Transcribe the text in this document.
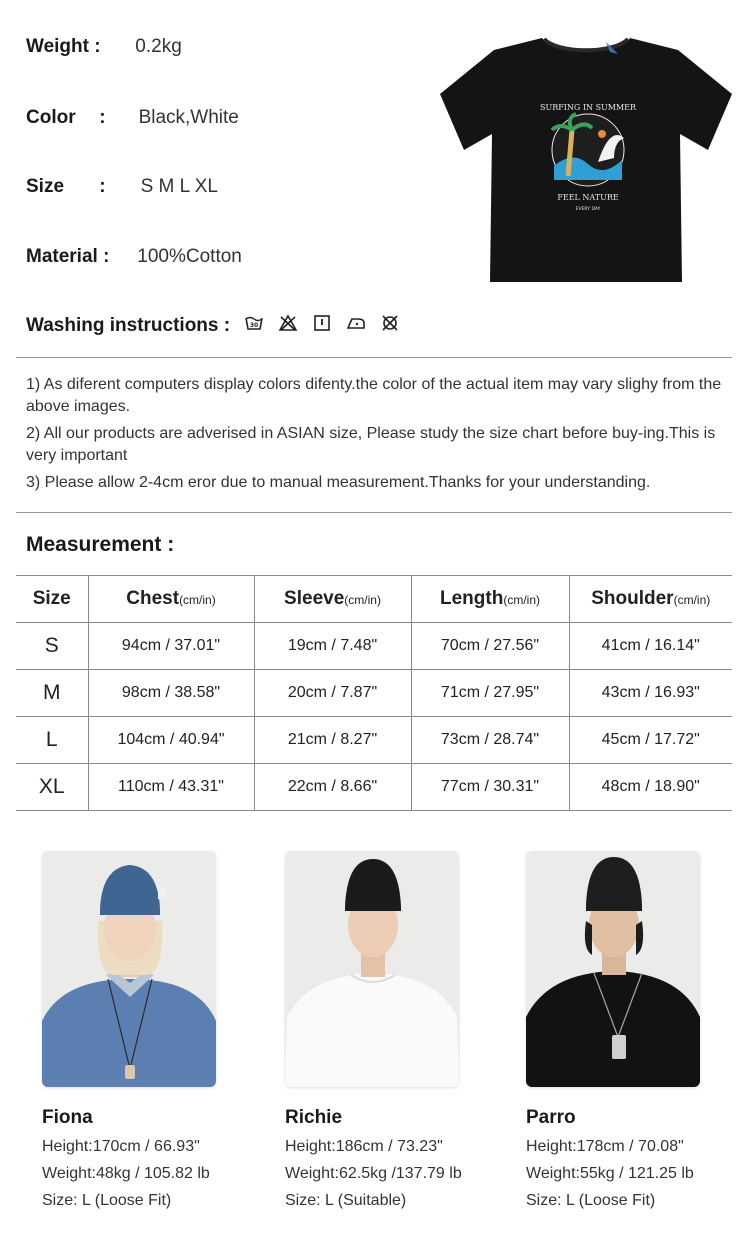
Weight : 0.2kg
Color : Black,White
Size : S M L XL
Material : 100%Cotton
SURFING IN SUMMER
FEEL NATURE
EVERY DAY
Washing instructions :	30

1) As diferent computers display colors difenty.the color of the actual item may vary slighy from the above images.

2) All our products are adverised in ASIAN size, Please study the size chart before buy-ing.This is very important

3) Please allow 2-4cm eror due to manual measurement.Thanks for your understanding.

Measurement :
Size	Chest(cm/in)	Sleeve(cm/in)	Length(cm/in)	Shoulder(cm/in)
S	94cm / 37.01"	19cm / 7.48"	70cm / 27.56"	41cm / 16.14"
M	98cm / 38.58"	20cm / 7.87"	71cm / 27.95"	43cm / 16.93"
L	104cm / 40.94"	21cm / 8.27"	73cm / 28.74"	45cm / 17.72"
XL	110cm / 43.31"	22cm / 8.66"	77cm / 30.31"	48cm / 18.90"
Fiona
Height:170cm / 66.93"
Weight:48kg / 105.82 lb
Size: L (Loose Fit)
Richie
Height:186cm / 73.23"
Weight:62.5kg /137.79 lb
Size: L (Suitable)
Parro
Height:178cm / 70.08"
Weight:55kg / 121.25 lb
Size: L (Loose Fit)
